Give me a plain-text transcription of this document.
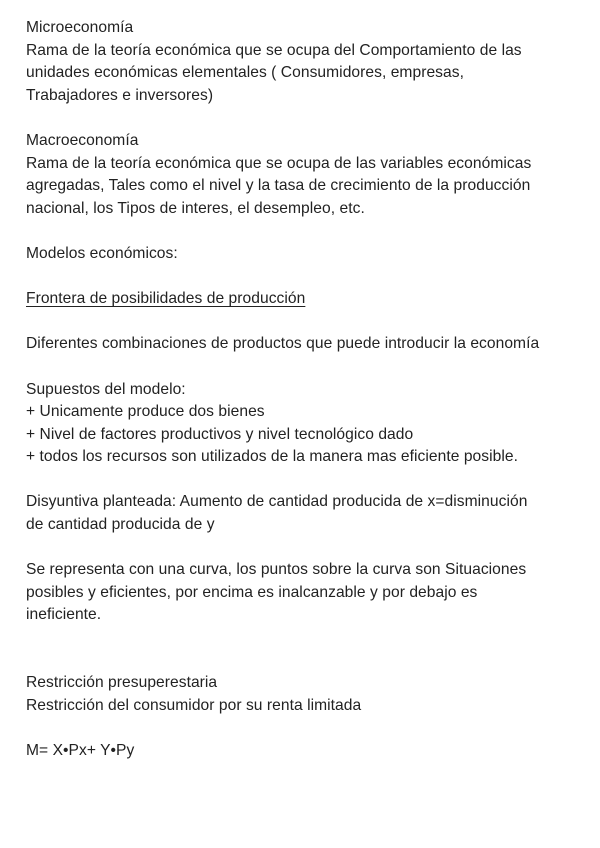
Microeconomía
Rama de la teoría económica que se ocupa del Comportamiento de las
unidades económicas elementales ( Consumidores, empresas,
Trabajadores e inversores)
Macroeconomía
Rama de la teoría económica que se ocupa de las variables económicas
agregadas, Tales como el nivel y la tasa de crecimiento de la producción
nacional, los Tipos de interes, el desempleo, etc.
Modelos económicos:
Frontera de posibilidades de producción
Diferentes combinaciones de productos que puede introducir la economía
Supuestos del modelo:
+ Unicamente produce dos bienes
+ Nivel de factores productivos y nivel tecnológico dado
+ todos los recursos son utilizados de la manera mas eficiente posible.
Disyuntiva planteada: Aumento de cantidad producida de x=disminución
de cantidad producida de y
Se representa con una curva, los puntos sobre la curva son Situaciones
posibles y eficientes, por encima es inalcanzable y por debajo es
ineficiente.
Restricción presuperestaria
Restricción del consumidor por su renta limitada
M= X•Px+ Y•Py
